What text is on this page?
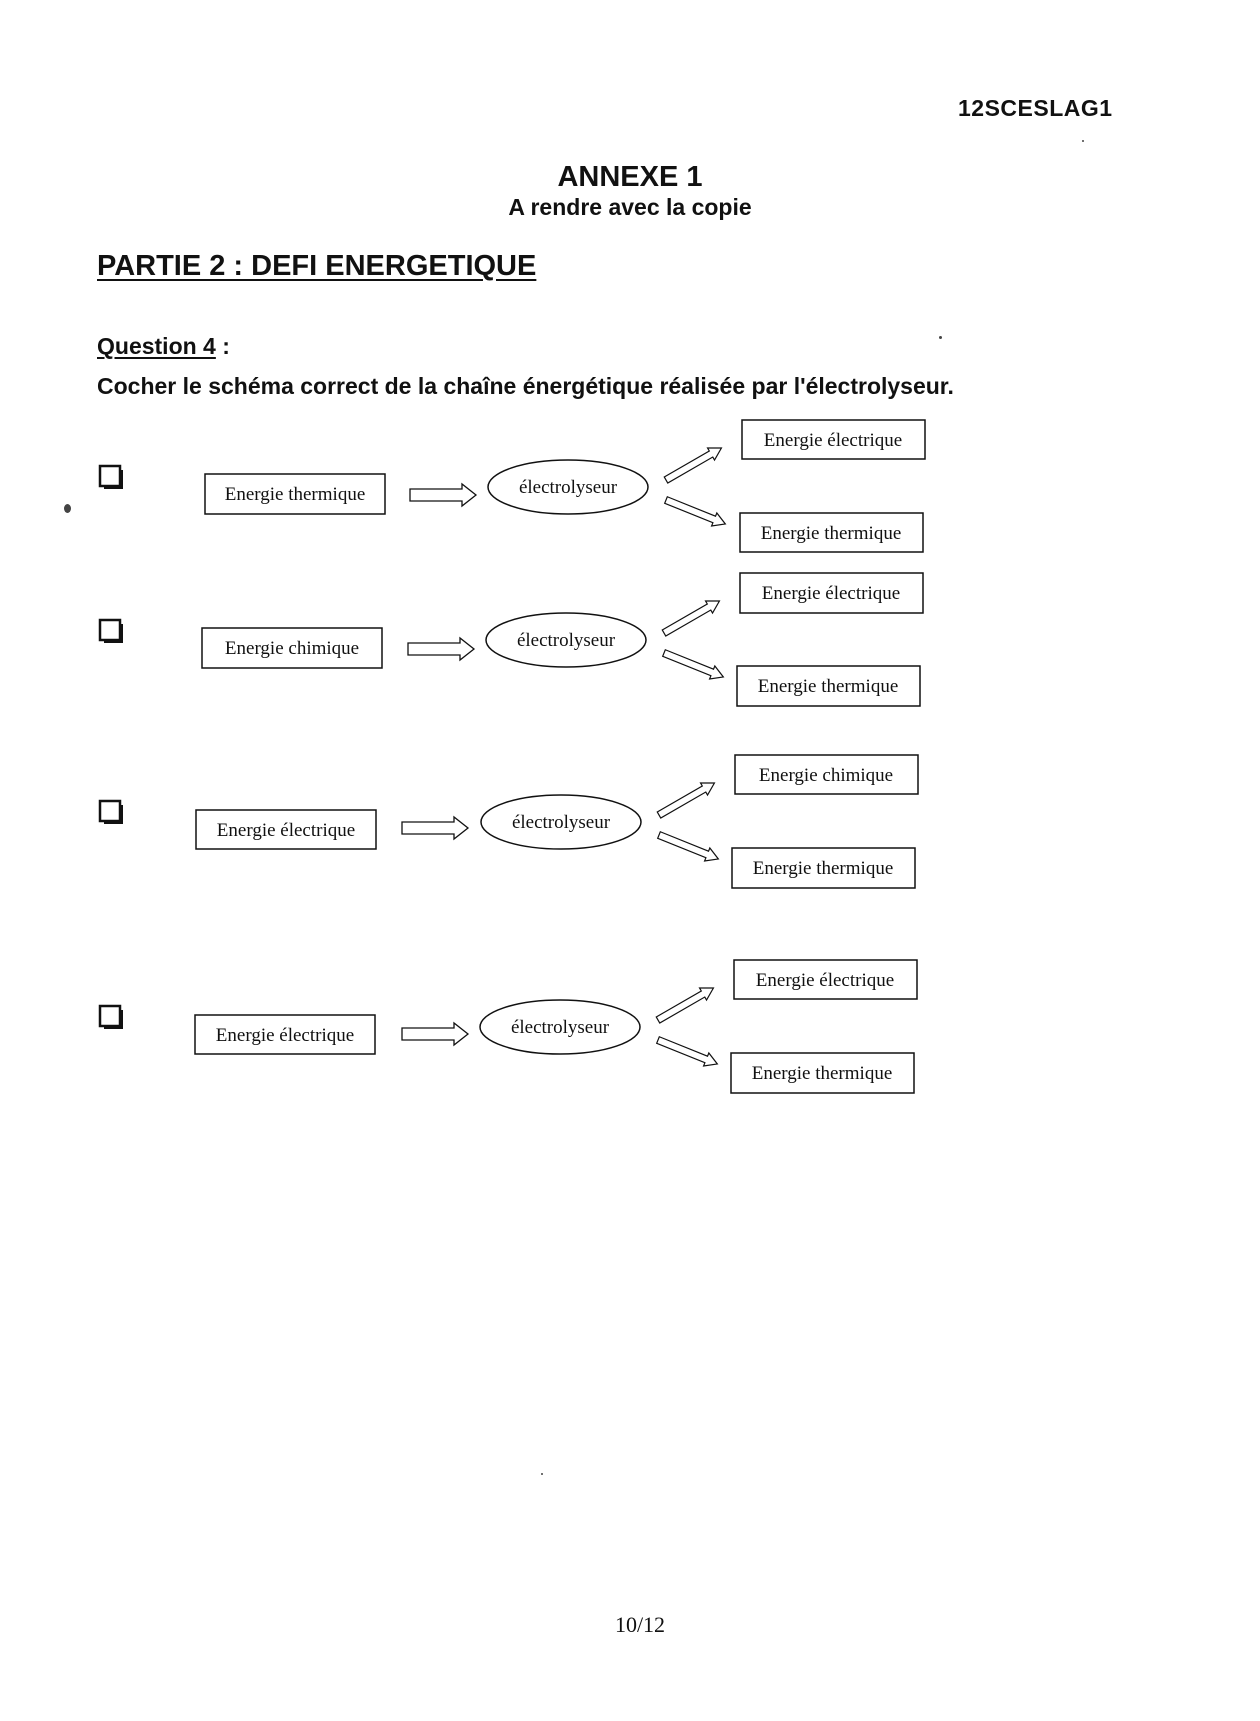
12SCESLAG1
ANNEXE 1
A rendre avec la copie
PARTIE 2 : DEFI ENERGETIQUE
Question 4 :
Cocher le schéma correct de la chaîne énergétique réalisée par l'électrolyseur.
Energie thermique	électrolyseur
Energie électrique
Energie thermique
Energie chimique	électrolyseur
Energie électrique
Energie thermique
Energie électrique	électrolyseur
Energie chimique
Energie thermique
Energie électrique	électrolyseur
Energie électrique
Energie thermique
10/12
